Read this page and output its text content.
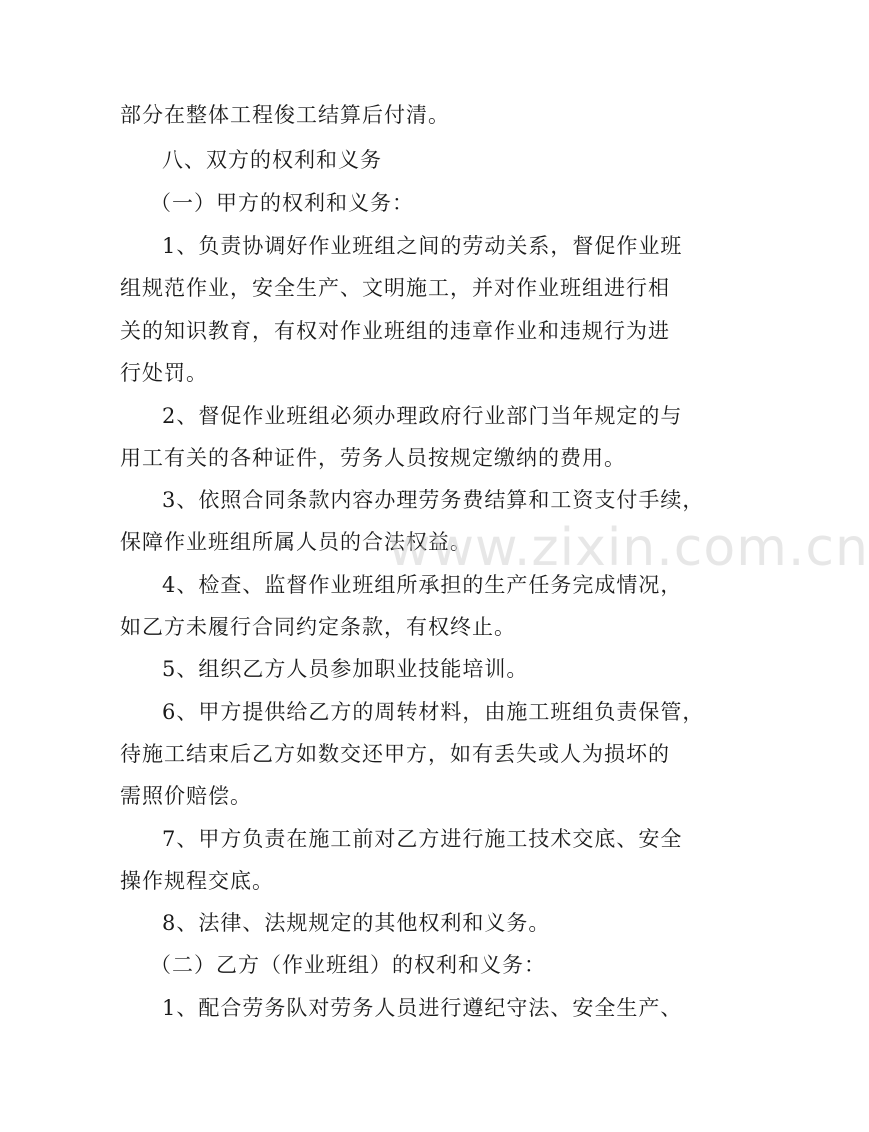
部分在整体工程俊工结算后付清。
八、双方的权利和义务
（一）甲方的权利和义务：
1、负责协调好作业班组之间的劳动关系，督促作业班
组规范作业，安全生产、文明施工，并对作业班组进行相
关的知识教育，有权对作业班组的违章作业和违规行为进
行处罚。
2、督促作业班组必须办理政府行业部门当年规定的与
用工有关的各种证件，劳务人员按规定缴纳的费用。
3、依照合同条款内容办理劳务费结算和工资支付手续，
保障作业班组所属人员的合法权益。
4、检查、监督作业班组所承担的生产任务完成情况，
如乙方未履行合同约定条款，有权终止。
5、组织乙方人员参加职业技能培训。
6、甲方提供给乙方的周转材料，由施工班组负责保管，
待施工结束后乙方如数交还甲方，如有丢失或人为损坏的
需照价赔偿。
7、甲方负责在施工前对乙方进行施工技术交底、安全
操作规程交底。
8、法律、法规规定的其他权利和义务。
（二）乙方（作业班组）的权利和义务：
1、配合劳务队对劳务人员进行遵纪守法、安全生产、
www.zixin.com.cn
